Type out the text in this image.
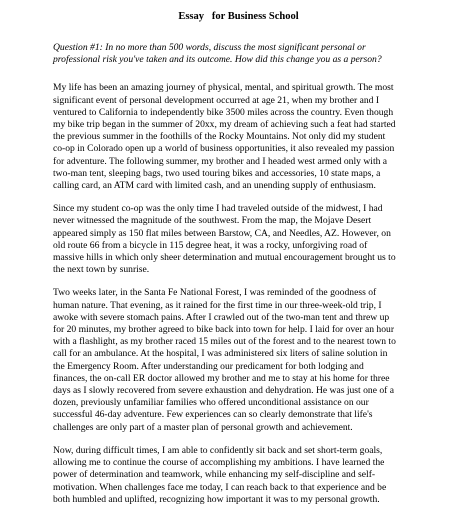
Essay   for Business School
Question #1: In no more than 500 words, discuss the most significant personal or
professional risk you've taken and its outcome. How did this change you as a person?
My life has been an amazing journey of physical, mental, and spiritual growth. The most
significant event of personal development occurred at age 21, when my brother and I
ventured to California to independently bike 3500 miles across the country. Even though
my bike trip began in the summer of 20xx, my dream of achieving such a feat had started
the previous summer in the foothills of the Rocky Mountains. Not only did my student
co-op in Colorado open up a world of business opportunities, it also revealed my passion
for adventure. The following summer, my brother and I headed west armed only with a
two-man tent, sleeping bags, two used touring bikes and accessories, 10 state maps, a
calling card, an ATM card with limited cash, and an unending supply of enthusiasm.
Since my student co-op was the only time I had traveled outside of the midwest, I had
never witnessed the magnitude of the southwest. From the map, the Mojave Desert
appeared simply as 150 flat miles between Barstow, CA, and Needles, AZ. However, on
old route 66 from a bicycle in 115 degree heat, it was a rocky, unforgiving road of
massive hills in which only sheer determination and mutual encouragement brought us to
the next town by sunrise.
Two weeks later, in the Santa Fe National Forest, I was reminded of the goodness of
human nature. That evening, as it rained for the first time in our three-week-old trip, I
awoke with severe stomach pains. After I crawled out of the two-man tent and threw up
for 20 minutes, my brother agreed to bike back into town for help. I laid for over an hour
with a flashlight, as my brother raced 15 miles out of the forest and to the nearest town to
call for an ambulance. At the hospital, I was administered six liters of saline solution in
the Emergency Room. After understanding our predicament for both lodging and
finances, the on-call ER doctor allowed my brother and me to stay at his home for three
days as I slowly recovered from severe exhaustion and dehydration. He was just one of a
dozen, previously unfamiliar families who offered unconditional assistance on our
successful 46-day adventure. Few experiences can so clearly demonstrate that life's
challenges are only part of a master plan of personal growth and achievement.
Now, during difficult times, I am able to confidently sit back and set short-term goals,
allowing me to continue the course of accomplishing my ambitions. I have learned the
power of determination and teamwork, while enhancing my self-discipline and self-
motivation. When challenges face me today, I can reach back to that experience and be
both humbled and uplifted, recognizing how important it was to my personal growth.
